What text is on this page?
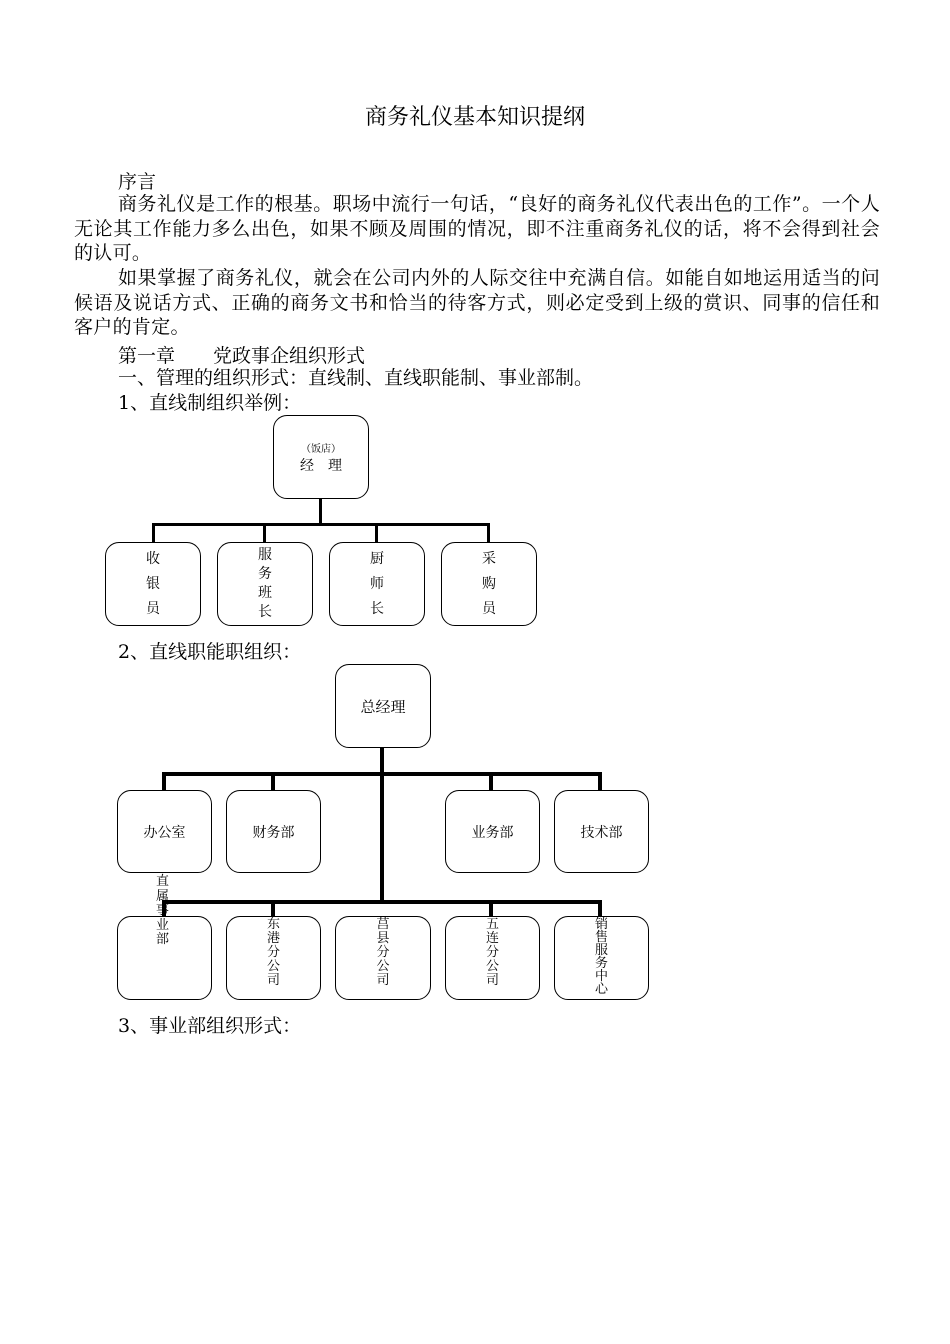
商务礼仪基本知识提纲
序言
商务礼仪是工作的根基。职场中流行一句话，“良好的商务礼仪代表出色的工作”。一个人无论其工作能力多么出色，如果不顾及周围的情况，即不注重商务礼仪的话，将不会得到社会的认可。
如果掌握了商务礼仪，就会在公司内外的人际交往中充满自信。如能自如地运用适当的问候语及说话方式、正确的商务文书和恰当的待客方式，则必定受到上级的赏识、同事的信任和客户的肯定。
第一章　　党政事企组织形式
一、管理的组织形式：直线制、直线职能制、事业部制。
1、直线制组织举例：
（饭店）
经　理
收
银
员
服
务
班
长
厨
师
长
采
购
员
2、直线职能职组织：
总经理
办公室	财务部	业务部	技术部
东
港
分
公
司
莒
县
分
公
司
五
连
分
公
司
销
售
服
务
中
心
直
属
事
业
部
3、事业部组织形式：
